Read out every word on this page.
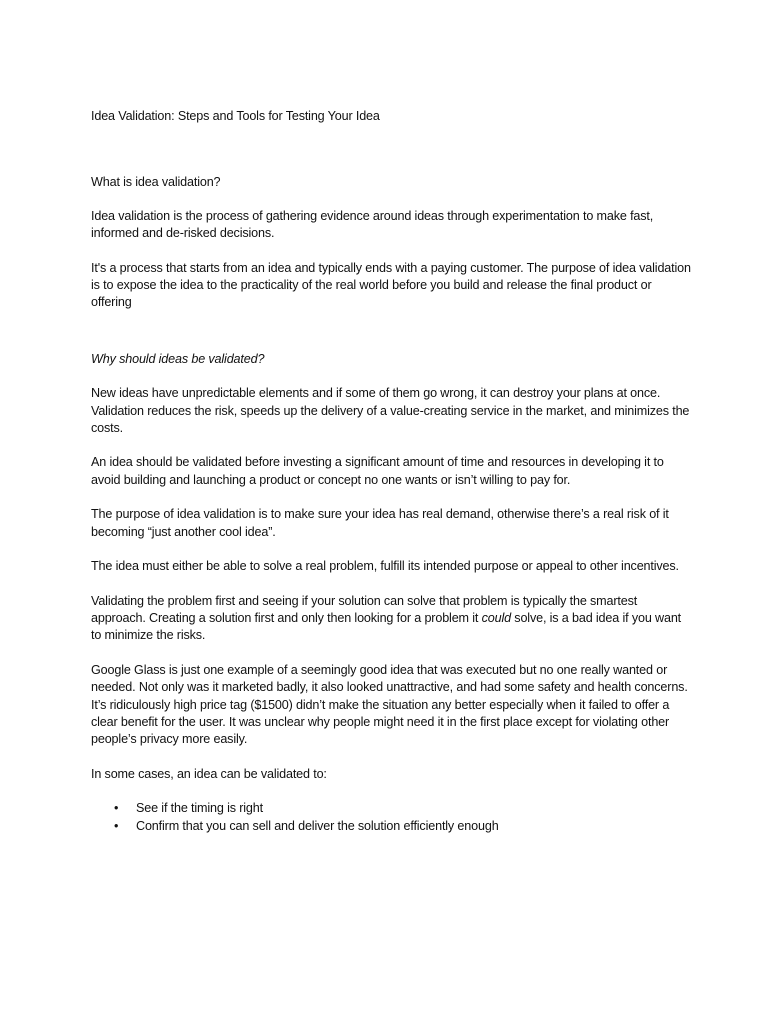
Idea Validation: Steps and Tools for Testing Your Idea

What is idea validation?

Idea validation is the process of gathering evidence around ideas through experimentation to make fast, informed and de-risked decisions.

It's a process that starts from an idea and typically ends with a paying customer. The purpose of idea validation is to expose the idea to the practicality of the real world before you build and release the final product or offering

Why should ideas be validated?

New ideas have unpredictable elements and if some of them go wrong, it can destroy your plans at once. Validation reduces the risk, speeds up the delivery of a value-creating service in the market, and minimizes the costs.

An idea should be validated before investing a significant amount of time and resources in developing it to avoid building and launching a product or concept no one wants or isn’t willing to pay for.

The purpose of idea validation is to make sure your idea has real demand, otherwise there’s a real risk of it becoming “just another cool idea”.

The idea must either be able to solve a real problem, fulfill its intended purpose or appeal to other incentives.

Validating the problem first and seeing if your solution can solve that problem is typically the smartest approach. Creating a solution first and only then looking for a problem it could solve, is a bad idea if you want to minimize the risks.

Google Glass is just one example of a seemingly good idea that was executed but no one really wanted or needed. Not only was it marketed badly, it also looked unattractive, and had some safety and health concerns. It’s ridiculously high price tag ($1500) didn’t make the situation any better especially when it failed to offer a clear benefit for the user. It was unclear why people might need it in the first place except for violating other people’s privacy more easily.

In some cases, an idea can be validated to:

• See if the timing is right
• Confirm that you can sell and deliver the solution efficiently enough
